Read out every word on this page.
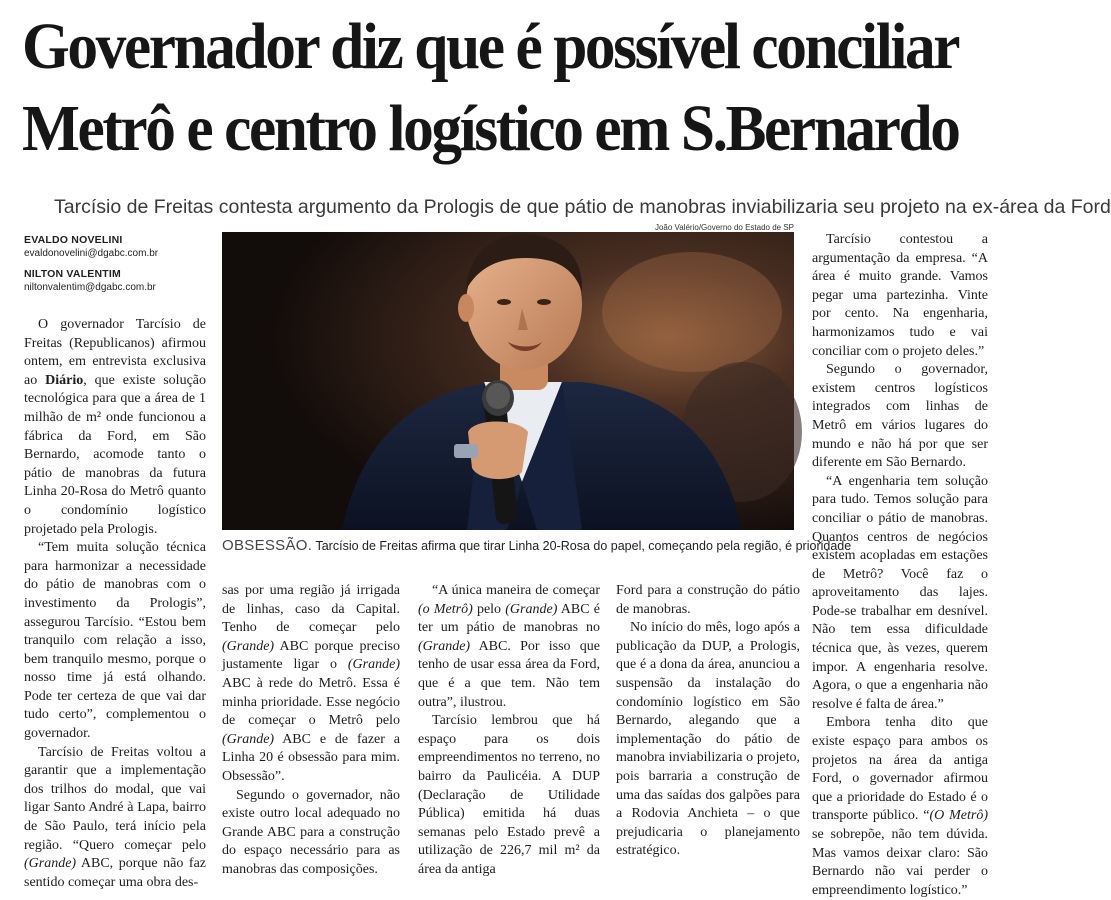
Governador diz que é possível conciliar
Metrô e centro logístico em S.Bernardo

Tarcísio de Freitas contesta argumento da Prologis de que pátio de manobras inviabilizaria seu projeto na ex-área da Ford

EVALDO NOVELINI
evaldonovelini@dgabc.com.br
NILTON VALENTIM
niltonvalentim@dgabc.com.br
João Valério/Governo do Estado de SP
OBSESSÃO. Tarcísio de Freitas afirma que tirar Linha 20-Rosa do papel, começando pela região, é prioridade

O governador Tarcísio de Freitas (Republicanos) afirmou ontem, em entrevista exclusiva ao Diário, que existe solução tecnológica para que a área de 1 milhão de m² onde funcionou a fábrica da Ford, em São Bernardo, acomode tanto o pátio de manobras da futura Linha 20-Rosa do Metrô quanto o condomínio logístico projetado pela Prologis.

“Tem muita solução técnica para harmonizar a necessidade do pátio de manobras com o investimento da Prologis”, assegurou Tarcísio. “Estou bem tranquilo com relação a isso, bem tranquilo mesmo, porque o nosso time já está olhando. Pode ter certeza de que vai dar tudo certo”, complementou o governador.

Tarcísio de Freitas voltou a garantir que a implementação dos trilhos do modal, que vai ligar Santo André à Lapa, bairro de São Paulo, terá início pela região. “Quero começar pelo (Grande) ABC, porque não faz sentido começar uma obra des-

sas por uma região já irrigada de linhas, caso da Capital. Tenho de começar pelo (Grande) ABC porque preciso justamente ligar o (Grande) ABC à rede do Metrô. Essa é minha prioridade. Esse negócio de começar o Metrô pelo (Grande) ABC e de fazer a Linha 20 é obsessão para mim. Obsessão”.

Segundo o governador, não existe outro local adequado no Grande ABC para a construção do espaço necessário para as manobras das composições.

“A única maneira de começar (o Metrô) pelo (Grande) ABC é ter um pátio de manobras no (Grande) ABC. Por isso que tenho de usar essa área da Ford, que é a que tem. Não tem outra”, ilustrou.

Tarcísio lembrou que há espaço para os dois empreendimentos no terreno, no bairro da Paulicéia. A DUP (Declaração de Utilidade Pública) emitida há duas semanas pelo Estado prevê a utilização de 226,7 mil m² da área da antiga

Ford para a construção do pátio de manobras.

No início do mês, logo após a publicação da DUP, a Prologis, que é a dona da área, anunciou a suspensão da instalação do condomínio logístico em São Bernardo, alegando que a implementação do pátio de manobra inviabilizaria o projeto, pois barraria a construção de uma das saídas dos galpões para a Rodovia Anchieta – o que prejudicaria o planejamento estratégico.

Tarcísio contestou a argumentação da empresa. “A área é muito grande. Vamos pegar uma partezinha. Vinte por cento. Na engenharia, harmonizamos tudo e vai conciliar com o projeto deles.”

Segundo o governador, existem centros logísticos integrados com linhas de Metrô em vários lugares do mundo e não há por que ser diferente em São Bernardo.

“A engenharia tem solução para tudo. Temos solução para conciliar o pátio de manobras. Quantos centros de negócios existem acopladas em estações de Metrô? Você faz o aproveitamento das lajes. Pode-se trabalhar em desnível. Não tem essa dificuldade técnica que, às vezes, querem impor. A engenharia resolve. Agora, o que a engenharia não resolve é falta de área.”

Embora tenha dito que existe espaço para ambos os projetos na área da antiga Ford, o governador afirmou que a prioridade do Estado é o transporte público. “(O Metrô) se sobrepõe, não tem dúvida. Mas vamos deixar claro: São Bernardo não vai perder o empreendimento logístico.”
